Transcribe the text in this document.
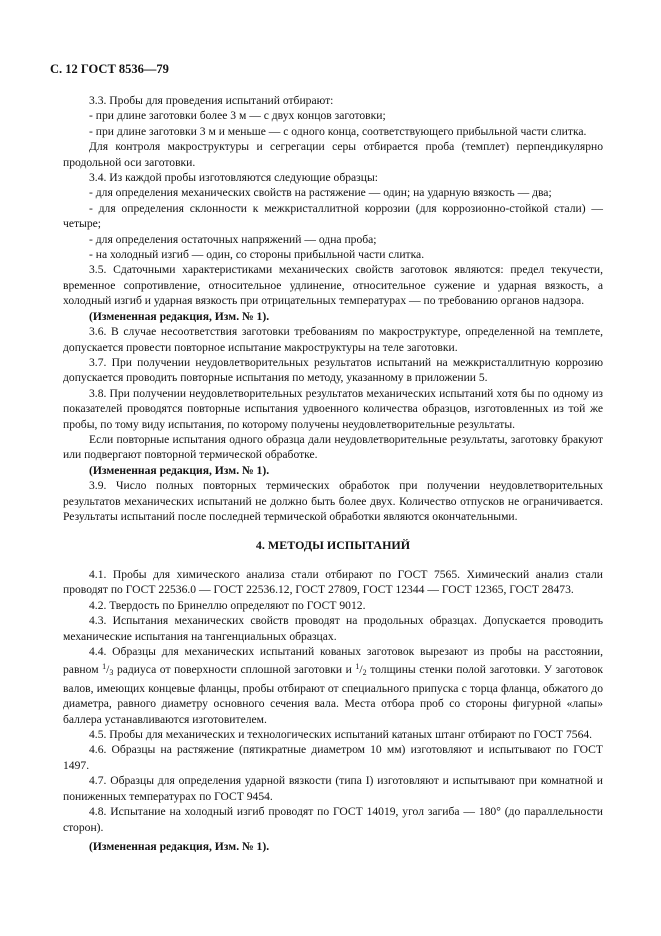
С. 12 ГОСТ 8536—79

3.3. Пробы для проведения испытаний отбирают:

- при длине заготовки более 3 м — с двух концов заготовки;

- при длине заготовки 3 м и меньше — с одного конца, соответствующего прибыльной части слитка.

Для контроля макроструктуры и сегрегации серы отбирается проба (темплет) перпендикулярно продольной оси заготовки.

3.4. Из каждой пробы изготовляются следующие образцы:

- для определения механических свойств на растяжение — один; на ударную вязкость — два;

- для определения склонности к межкристаллитной коррозии (для коррозионно-стойкой стали) — четыре;

- для определения остаточных напряжений — одна проба;

- на холодный изгиб — один, со стороны прибыльной части слитка.

3.5. Сдаточными характеристиками механических свойств заготовок являются: предел текучести, временное сопротивление, относительное удлинение, относительное сужение и ударная вязкость, а холодный изгиб и ударная вязкость при отрицательных температурах — по требованию органов надзора.

(Измененная редакция, Изм. № 1).

3.6. В случае несоответствия заготовки требованиям по макроструктуре, определенной на темплете, допускается провести повторное испытание макроструктуры на теле заготовки.

3.7. При получении неудовлетворительных результатов испытаний на межкристаллитную коррозию допускается проводить повторные испытания по методу, указанному в приложении 5.

3.8. При получении неудовлетворительных результатов механических испытаний хотя бы по одному из показателей проводятся повторные испытания удвоенного количества образцов, изготовленных из той же пробы, по тому виду испытания, по которому получены неудовлетворительные результаты.

Если повторные испытания одного образца дали неудовлетворительные результаты, заготовку бракуют или подвергают повторной термической обработке.

(Измененная редакция, Изм. № 1).

3.9. Число полных повторных термических обработок при получении неудовлетворительных результатов механических испытаний не должно быть более двух. Количество отпусков не ограничивается. Результаты испытаний после последней термической обработки являются окончательными.

4. МЕТОДЫ ИСПЫТАНИЙ

4.1. Пробы для химического анализа стали отбирают по ГОСТ 7565. Химический анализ стали проводят по ГОСТ 22536.0 — ГОСТ 22536.12, ГОСТ 27809, ГОСТ 12344 — ГОСТ 12365, ГОСТ 28473.

4.2. Твердость по Бринеллю определяют по ГОСТ 9012.

4.3. Испытания механических свойств проводят на продольных образцах. Допускается проводить механические испытания на тангенциальных образцах.

4.4. Образцы для механических испытаний кованых заготовок вырезают из пробы на расстоянии, равном $^1/_3$ радиуса от поверхности сплошной заготовки и $^1/_2$ толщины стенки полой заготовки. У заготовок валов, имеющих концевые фланцы, пробы отбирают от специального припуска с торца фланца, обжатого до диаметра, равного диаметру основного сечения вала. Места отбора проб со стороны фигурной «лапы» баллера устанавливаются изготовителем.

4.5. Пробы для механических и технологических испытаний катаных штанг отбирают по ГОСТ 7564.

4.6. Образцы на растяжение (пятикратные диаметром 10 мм) изготовляют и испытывают по ГОСТ 1497.

4.7. Образцы для определения ударной вязкости (типа I) изготовляют и испытывают при комнатной и пониженных температурах по ГОСТ 9454.

4.8. Испытание на холодный изгиб проводят по ГОСТ 14019, угол загиба — 180° (до параллельности сторон).

(Измененная редакция, Изм. № 1).
